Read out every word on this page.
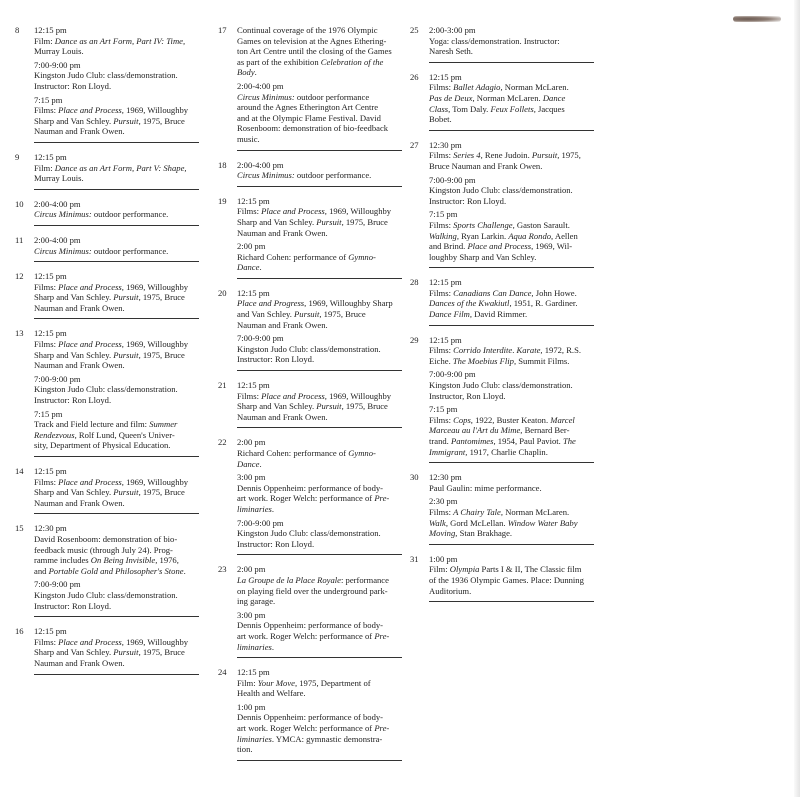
8	12:15 pm
Film: Dance as an Art Form, Part IV: Time,
Murray Louis.
7:00-9:00 pm
Kingston Judo Club: class/demonstration.
Instructor: Ron Lloyd.
7:15 pm
Films: Place and Process, 1969, Willoughby
Sharp and Van Schley. Pursuit, 1975, Bruce
Nauman and Frank Owen.
9	12:15 pm
Film: Dance as an Art Form, Part V: Shape,
Murray Louis.
10	2:00-4:00 pm
Circus Minimus: outdoor performance.
11	2:00-4:00 pm
Circus Minimus: outdoor performance.
12	12:15 pm
Films: Place and Process, 1969, Willoughby
Sharp and Van Schley. Pursuit, 1975, Bruce
Nauman and Frank Owen.
13	12:15 pm
Films: Place and Process, 1969, Willoughby
Sharp and Van Schley. Pursuit, 1975, Bruce
Nauman and Frank Owen.
7:00-9:00 pm
Kingston Judo Club: class/demonstration.
Instructor: Ron Lloyd.
7:15 pm
Track and Field lecture and film: Summer
Rendezvous, Rolf Lund, Queen's Univer-
sity, Department of Physical Education.
14	12:15 pm
Films: Place and Process, 1969, Willoughby
Sharp and Van Schley. Pursuit, 1975, Bruce
Nauman and Frank Owen.
15	12:30 pm
David Rosenboom: demonstration of bio-
feedback music (through July 24). Prog-
ramme includes On Being Invisible, 1976,
and Portable Gold and Philosopher's Stone.
7:00-9:00 pm
Kingston Judo Club: class/demonstration.
Instructor: Ron Lloyd.
16	12:15 pm
Films: Place and Process, 1969, Willoughby
Sharp and Van Schley. Pursuit, 1975, Bruce
Nauman and Frank Owen.
17	Continual coverage of the 1976 Olympic
Games on television at the Agnes Ethering-
ton Art Centre until the closing of the Games
as part of the exhibition Celebration of the
Body.
2:00-4:00 pm
Circus Minimus: outdoor performance
around the Agnes Etherington Art Centre
and at the Olympic Flame Festival. David
Rosenboom: demonstration of bio-feedback
music.
18	2:00-4:00 pm
Circus Minimus: outdoor performance.
19	12:15 pm
Films: Place and Process, 1969, Willoughby
Sharp and Van Schley. Pursuit, 1975, Bruce
Nauman and Frank Owen.
2:00 pm
Richard Cohen: performance of Gymno-
Dance.
20	12:15 pm
Place and Progress, 1969, Willoughby Sharp
and Van Schley. Pursuit, 1975, Bruce
Nauman and Frank Owen.
7:00-9:00 pm
Kingston Judo Club: class/demonstration.
Instructor: Ron Lloyd.
21	12:15 pm
Films: Place and Process, 1969, Willoughby
Sharp and Van Schley. Pursuit, 1975, Bruce
Nauman and Frank Owen.
22	2:00 pm
Richard Cohen: performance of Gymno-
Dance.
3:00 pm
Dennis Oppenheim: performance of body-
art work. Roger Welch: performance of Pre-
liminaries.
7:00-9:00 pm
Kingston Judo Club: class/demonstration.
Instructor: Ron Lloyd.
23	2:00 pm
La Groupe de la Place Royale: performance
on playing field over the underground park-
ing garage.
3:00 pm
Dennis Oppenheim: performance of body-
art work. Roger Welch: performance of Pre-
liminaries.
24	12:15 pm
Film: Your Move, 1975, Department of
Health and Welfare.
1:00 pm
Dennis Oppenheim: performance of body-
art work. Roger Welch: performance of Pre-
liminaries. YMCA: gymnastic demonstra-
tion.
25	2:00-3:00 pm
Yoga: class/demonstration. Instructor:
Naresh Seth.
26	12:15 pm
Films: Ballet Adagio, Norman McLaren.
Pas de Deux, Norman McLaren. Dance
Class, Tom Daly. Feux Follets, Jacques
Bobet.
27	12:30 pm
Films: Series 4, Rene Judoin. Pursuit, 1975,
Bruce Nauman and Frank Owen.
7:00-9:00 pm
Kingston Judo Club: class/demonstration.
Instructor: Ron Lloyd.
7:15 pm
Films: Sports Challenge, Gaston Sarault.
Walking, Ryan Larkin. Aqua Rondo, Aellen
and Brind. Place and Process, 1969, Wil-
loughby Sharp and Van Schley.
28	12:15 pm
Films: Canadians Can Dance, John Howe.
Dances of the Kwakiutl, 1951, R. Gardiner.
Dance Film, David Rimmer.
29	12:15 pm
Films: Corrido Interdite. Karate, 1972, R.S.
Eiche. The Moebius Flip, Summit Films.
7:00-9:00 pm
Kingston Judo Club: class/demonstration.
Instructor, Ron Lloyd.
7:15 pm
Films: Cops, 1922, Buster Keaton. Marcel
Marceau au l'Art du Mime, Bernard Ber-
trand. Pantomimes, 1954, Paul Paviot. The
Immigrant, 1917, Charlie Chaplin.
30	12:30 pm
Paul Gaulin: mime performance.
2:30 pm
Films: A Chairy Tale, Norman McLaren.
Walk, Gord McLellan. Window Water Baby
Moving, Stan Brakhage.
31	1:00 pm
Film: Olympia Parts I & II, The Classic film
of the 1936 Olympic Games. Place: Dunning
Auditorium.
